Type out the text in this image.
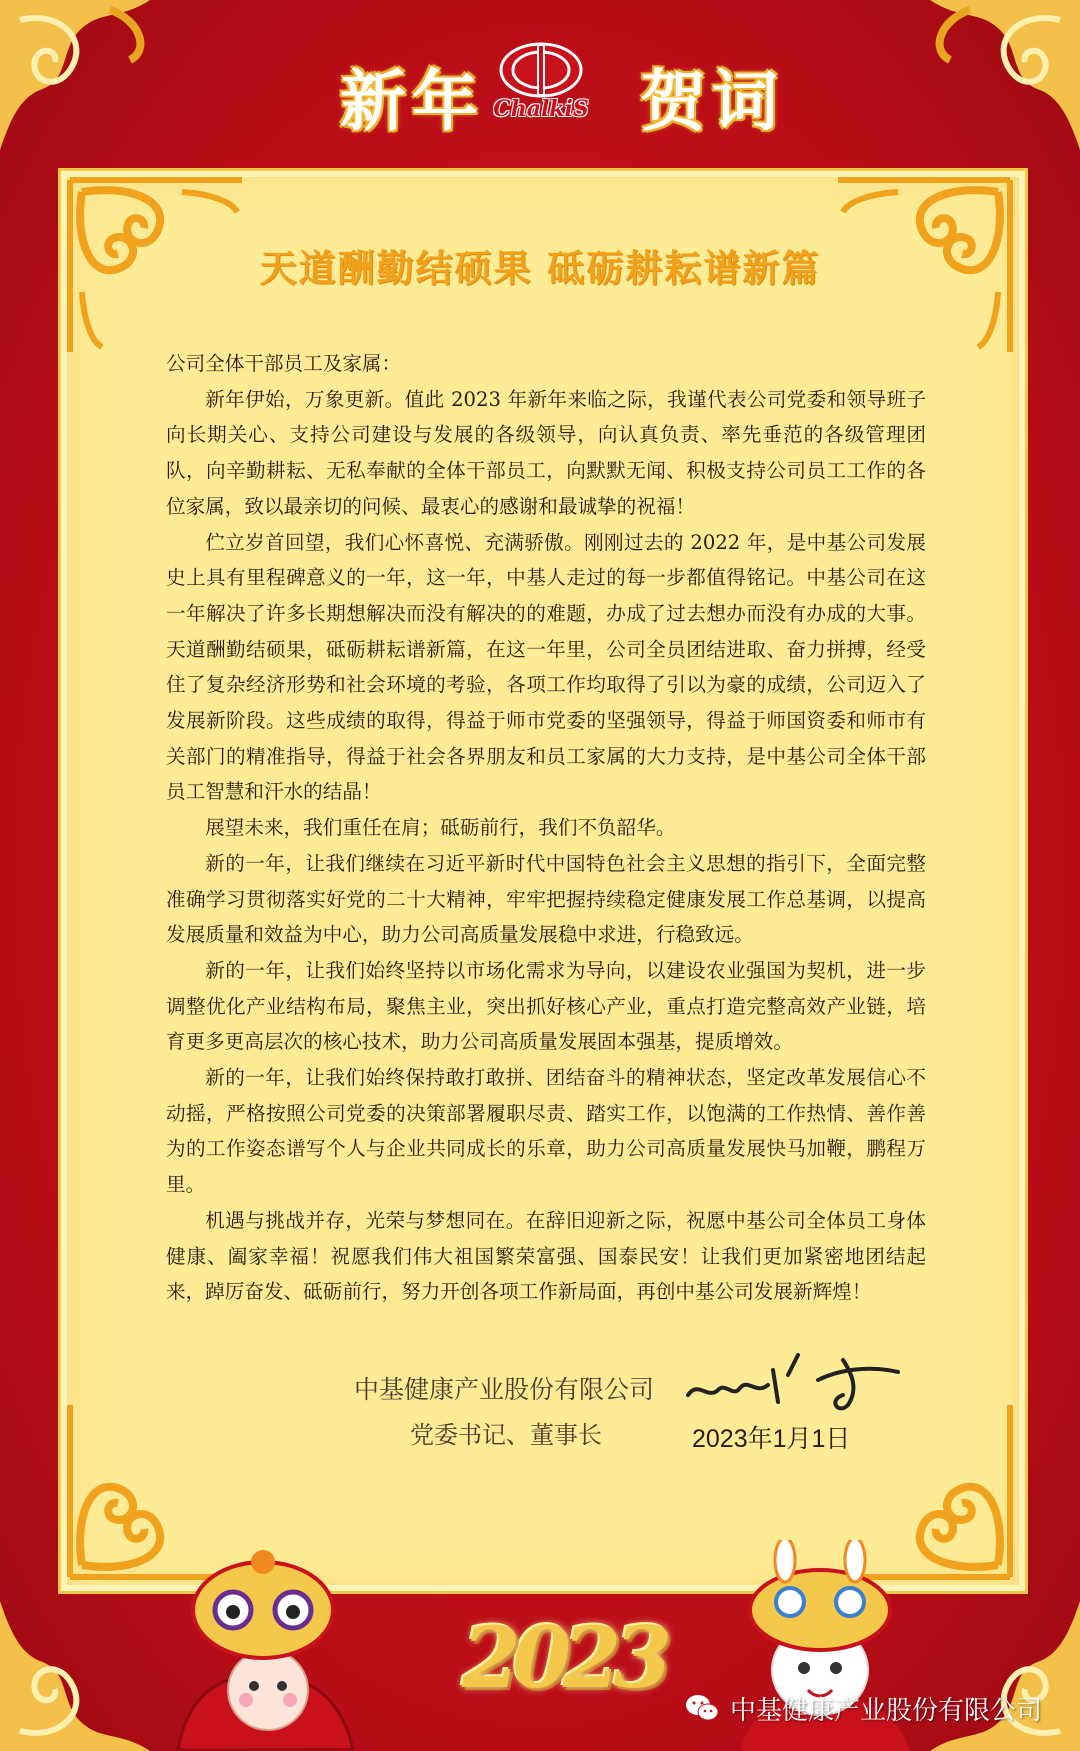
新年 ChalkiS 贺词
天道酬勤结硕果 砥砺耕耘谱新篇

公司全体干部员工及家属：

新年伊始，万象更新。值此 2023 年新年来临之际，我谨代表公司党委和领导班子向长期关心、支持公司建设与发展的各级领导，向认真负责、率先垂范的各级管理团队，向辛勤耕耘、无私奉献的全体干部员工，向默默无闻、积极支持公司员工工作的各位家属，致以最亲切的问候、最衷心的感谢和最诚挚的祝福！

伫立岁首回望，我们心怀喜悦、充满骄傲。刚刚过去的 2022 年，是中基公司发展史上具有里程碑意义的一年，这一年，中基人走过的每一步都值得铭记。中基公司在这一年解决了许多长期想解决而没有解决的的难题，办成了过去想办而没有办成的大事。天道酬勤结硕果，砥砺耕耘谱新篇，在这一年里，公司全员团结进取、奋力拼搏，经受住了复杂经济形势和社会环境的考验，各项工作均取得了引以为豪的成绩，公司迈入了发展新阶段。这些成绩的取得，得益于师市党委的坚强领导，得益于师国资委和师市有关部门的精准指导，得益于社会各界朋友和员工家属的大力支持，是中基公司全体干部员工智慧和汗水的结晶！

展望未来，我们重任在肩；砥砺前行，我们不负韶华。

新的一年，让我们继续在习近平新时代中国特色社会主义思想的指引下，全面完整准确学习贯彻落实好党的二十大精神，牢牢把握持续稳定健康发展工作总基调，以提高发展质量和效益为中心，助力公司高质量发展稳中求进，行稳致远。

新的一年，让我们始终坚持以市场化需求为导向，以建设农业强国为契机，进一步调整优化产业结构布局，聚焦主业，突出抓好核心产业，重点打造完整高效产业链，培育更多更高层次的核心技术，助力公司高质量发展固本强基，提质增效。

新的一年，让我们始终保持敢打敢拼、团结奋斗的精神状态，坚定改革发展信心不动摇，严格按照公司党委的决策部署履职尽责、踏实工作，以饱满的工作热情、善作善为的工作姿态谱写个人与企业共同成长的乐章，助力公司高质量发展快马加鞭，鹏程万里。

机遇与挑战并存，光荣与梦想同在。在辞旧迎新之际，祝愿中基公司全体员工身体健康、阖家幸福！祝愿我们伟大祖国繁荣富强、国泰民安！让我们更加紧密地团结起来，踔厉奋发、砥砺前行，努力开创各项工作新局面，再创中基公司发展新辉煌！

中基健康产业股份有限公司
党委书记、董事长	2023年1月1日
2023
中基健康产业股份有限公司
